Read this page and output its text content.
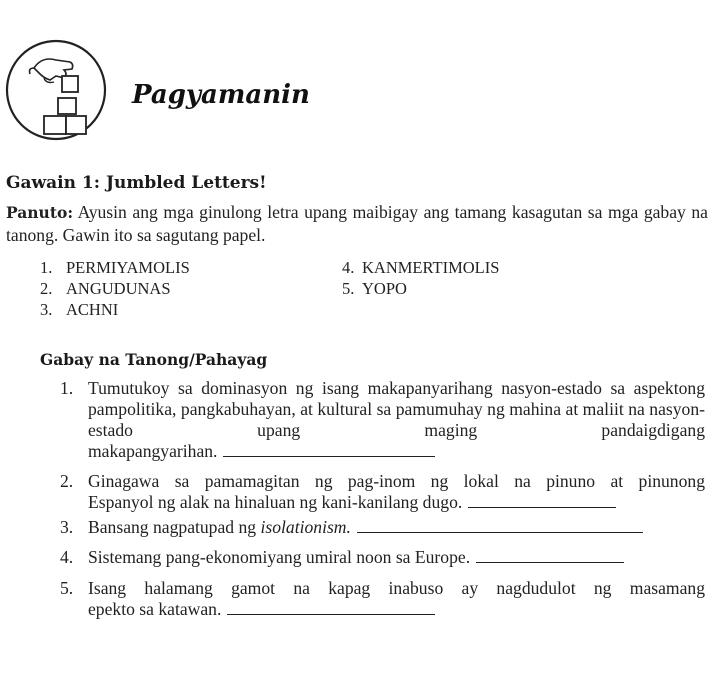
Pagyamanin
Gawain 1: Jumbled Letters!

Panuto: Ayusin ang mga ginulong letra upang maibigay ang tamang kasagutan sa mga gabay na tanong. Gawin ito sa sagutang papel.

1. PERMIYAMOLIS
2. ANGUDUNAS
3. ACHNI
4. KANMERTIMOLIS
5. YOPO
Gabay na Tanong/Pahayag
1. Tumutukoy sa dominasyon ng isang makapanyarihang nasyon-estado sa aspektong pampolitika, pangkabuhayan, at kultural sa pamumuhay ng mahina at maliit na nasyon-estado upang maging pandaigdigang
makapangyarihan.
2. Ginagawa sa pamamagitan ng pag-inom ng lokal na pinuno at pinunong
Espanyol ng alak na hinaluan ng kani-kanilang dugo.
3. Bansang nagpatupad ng isolationism.
4. Sistemang pang-ekonomiyang umiral noon sa Europe.
5. Isang halamang gamot na kapag inabuso ay nagdudulot ng masamang
epekto sa katawan.
